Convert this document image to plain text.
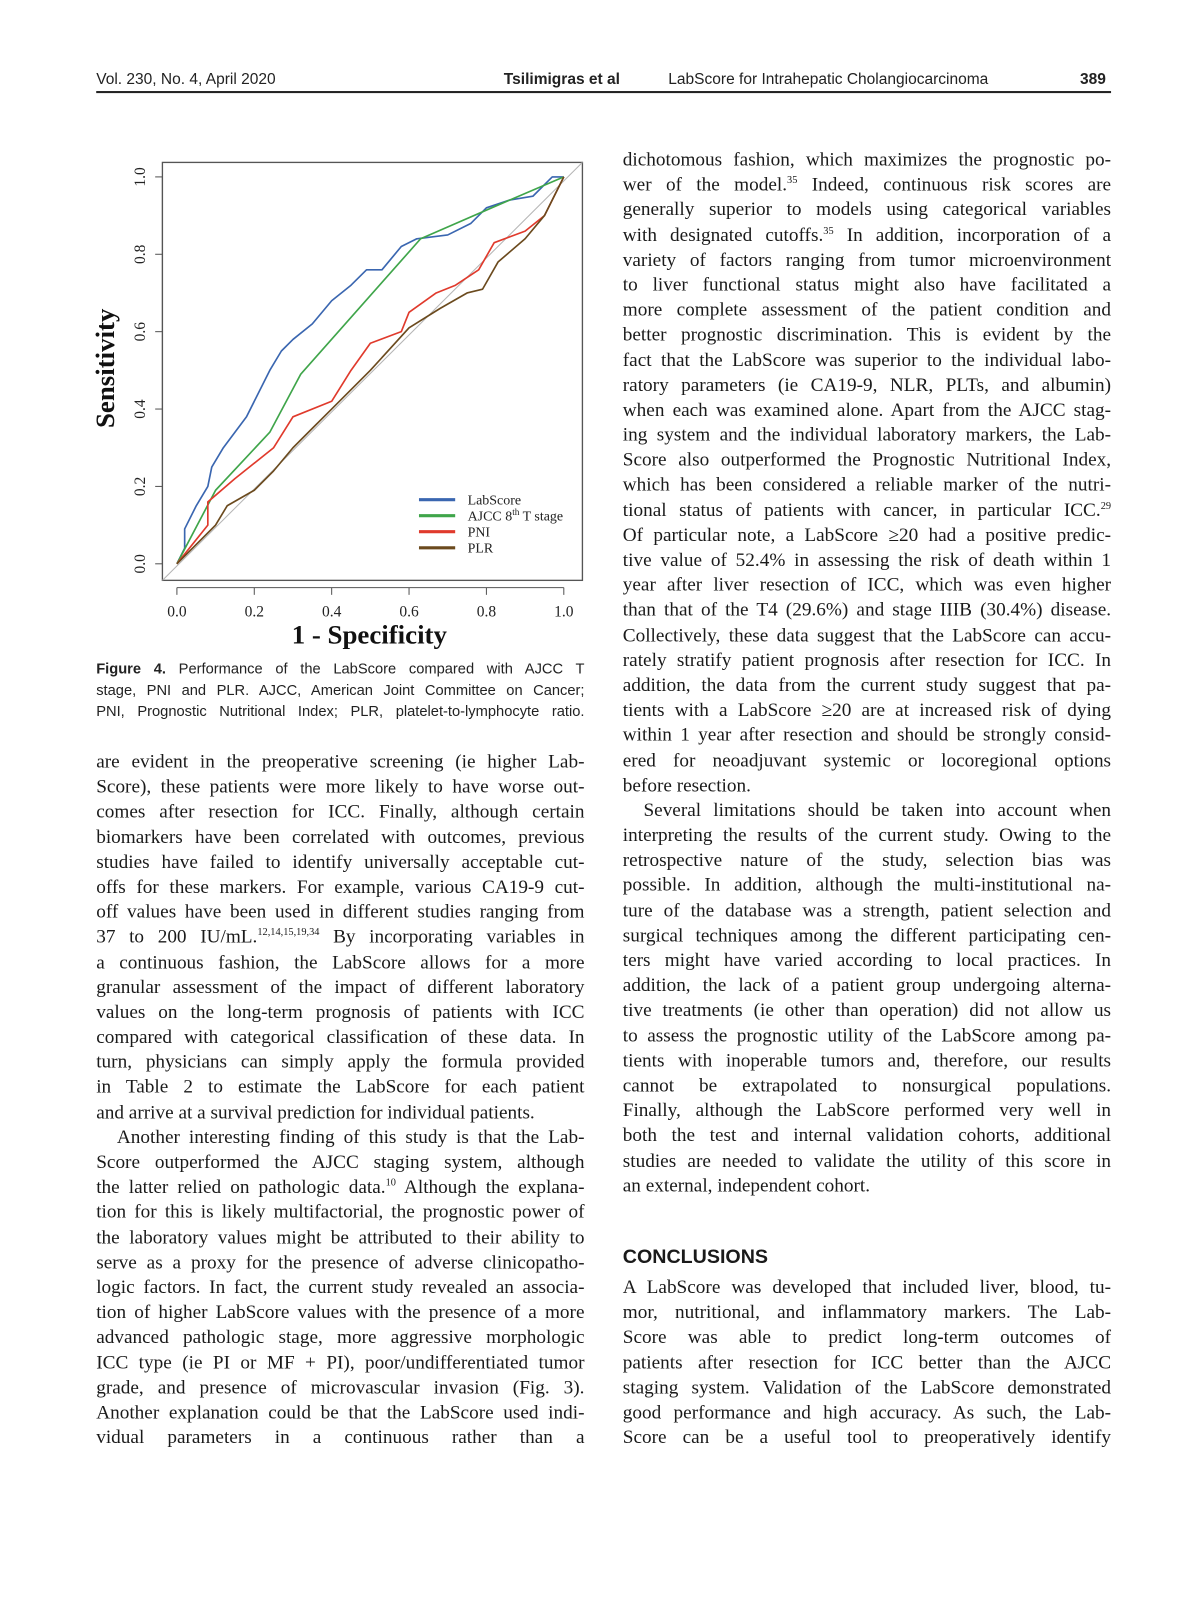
Vol. 230, No. 4, April 2020	Tsilimigras et al	LabScore for Intrahepatic Cholangiocarcinoma	389
0.0
0.2
0.4
0.6
0.8
1.0
0.0	0.2	0.4	0.6	0.8	1.0
1 - Specificity
Sensitivity
LabScore
AJCC 8th T stage
PNI
PLR
Figure 4. Performance of the LabScore compared with AJCC T
stage, PNI and PLR. AJCC, American Joint Committee on Cancer;
PNI, Prognostic Nutritional Index; PLR, platelet-to-lymphocyte ratio.
are evident in the preoperative screening (ie higher Lab-
Score), these patients were more likely to have worse out-
comes after resection for ICC. Finally, although certain
biomarkers have been correlated with outcomes, previous
studies have failed to identify universally acceptable cut-
offs for these markers. For example, various CA19-9 cut-
off values have been used in different studies ranging from
37 to 200 IU/mL.$^{12,14,15,19,34}$ By incorporating variables in
a continuous fashion, the LabScore allows for a more
granular assessment of the impact of different laboratory
values on the long-term prognosis of patients with ICC
compared with categorical classification of these data. In
turn, physicians can simply apply the formula provided
in Table 2 to estimate the LabScore for each patient
and arrive at a survival prediction for individual patients.
Another interesting finding of this study is that the Lab-
Score outperformed the AJCC staging system, although
the latter relied on pathologic data.$^{10}$ Although the explana-
tion for this is likely multifactorial, the prognostic power of
the laboratory values might be attributed to their ability to
serve as a proxy for the presence of adverse clinicopatho-
logic factors. In fact, the current study revealed an associa-
tion of higher LabScore values with the presence of a more
advanced pathologic stage, more aggressive morphologic
ICC type (ie PI or MF + PI), poor/undifferentiated tumor
grade, and presence of microvascular invasion (Fig. 3).
Another explanation could be that the LabScore used indi-
vidual parameters in a continuous rather than a
dichotomous fashion, which maximizes the prognostic po-
wer of the model.$^{35}$ Indeed, continuous risk scores are
generally superior to models using categorical variables
with designated cutoffs.$^{35}$ In addition, incorporation of a
variety of factors ranging from tumor microenvironment
to liver functional status might also have facilitated a
more complete assessment of the patient condition and
better prognostic discrimination. This is evident by the
fact that the LabScore was superior to the individual labo-
ratory parameters (ie CA19-9, NLR, PLTs, and albumin)
when each was examined alone. Apart from the AJCC stag-
ing system and the individual laboratory markers, the Lab-
Score also outperformed the Prognostic Nutritional Index,
which has been considered a reliable marker of the nutri-
tional status of patients with cancer, in particular ICC.$^{29}$
Of particular note, a LabScore ≥20 had a positive predic-
tive value of 52.4% in assessing the risk of death within 1
year after liver resection of ICC, which was even higher
than that of the T4 (29.6%) and stage IIIB (30.4%) disease.
Collectively, these data suggest that the LabScore can accu-
rately stratify patient prognosis after resection for ICC. In
addition, the data from the current study suggest that pa-
tients with a LabScore ≥20 are at increased risk of dying
within 1 year after resection and should be strongly consid-
ered for neoadjuvant systemic or locoregional options
before resection.
Several limitations should be taken into account when
interpreting the results of the current study. Owing to the
retrospective nature of the study, selection bias was
possible. In addition, although the multi-institutional na-
ture of the database was a strength, patient selection and
surgical techniques among the different participating cen-
ters might have varied according to local practices. In
addition, the lack of a patient group undergoing alterna-
tive treatments (ie other than operation) did not allow us
to assess the prognostic utility of the LabScore among pa-
tients with inoperable tumors and, therefore, our results
cannot be extrapolated to nonsurgical populations.
Finally, although the LabScore performed very well in
both the test and internal validation cohorts, additional
studies are needed to validate the utility of this score in
an external, independent cohort.
CONCLUSIONS
A LabScore was developed that included liver, blood, tu-
mor, nutritional, and inflammatory markers. The Lab-
Score was able to predict long-term outcomes of
patients after resection for ICC better than the AJCC
staging system. Validation of the LabScore demonstrated
good performance and high accuracy. As such, the Lab-
Score can be a useful tool to preoperatively identify
